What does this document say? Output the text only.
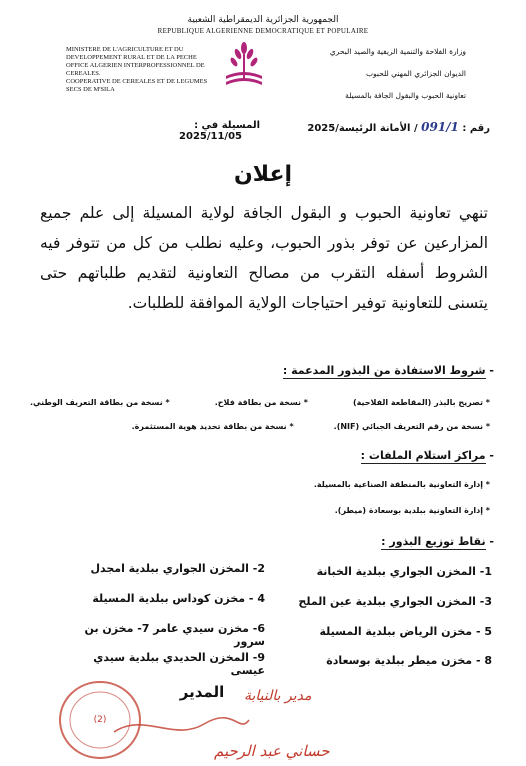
الجمهورية الجزائرية الديمقراطية الشعبية
REPUBLIQUE ALGERIENNE DEMOCRATIQUE ET POPULAIRE
MINISTERE DE L'AGRICULTURE ET DU
DEVELOPPEMENT RURAL ET DE LA PECHE
OFFICE ALGERIEN INTERPROFESSIONNEL DE
CEREALES.
COOPERATIVE DE CEREALES ET DE LEGUMES
SECS DE M'SILA
وزارة الفلاحة والتنمية الريفية والصيد البحري
الديوان الجزائري المهني للحبوب
تعاونية الحبوب والبقول الجافة بالمسيلة
رقم : 091/1 / الأمانة الرئيسة/2025
المسيلة في : 2025/11/05
إعلان
تنهي تعاونية الحبوب و البقول الجافة لولاية المسيلة إلى علم جميع المزارعين عن توفر بذور الحبوب، وعليه نطلب من كل من تتوفر فيه الشروط أسفله التقرب من مصالح التعاونية لتقديم طلباتهم حتى يتسنى للتعاونية توفير احتياجات الولاية الموافقة للطلبات.
- شروط الاستفادة من البذور المدعمة :
* تصريح بالبذر (المقاطعة الفلاحية)
* نسخة من بطاقة فلاح.
* نسخة من بطاقة التعريف الوطني.
* نسخة من رقم التعريف الجبائي (NIF).
* نسخة من بطاقة تحديد هوية المستثمرة.
- مراكز استلام الملفات :
* إدارة التعاونية بالمنطقة الصناعية بالمسيلة.
* إدارة التعاونية ببلدية بوسعادة (ميطر).
- نقاط توزيع البذور :
1- المخزن الجواري ببلدية الخبانة
3- المخزن الجواري ببلدية عين الملح
5 - مخزن الرياض ببلدية المسيلة
8 - مخزن ميطر ببلدية بوسعادة
2- المخزن الجواري ببلدية امجدل
4 - مخزن كوداس ببلدية المسيلة
6- مخزن سيدي عامر 7- مخزن بن سرور
9- المخزن الحديدي ببلدية سيدي عيسى
المدير
(2)
مدير بالنيابة
حساني عبد الرحيم
